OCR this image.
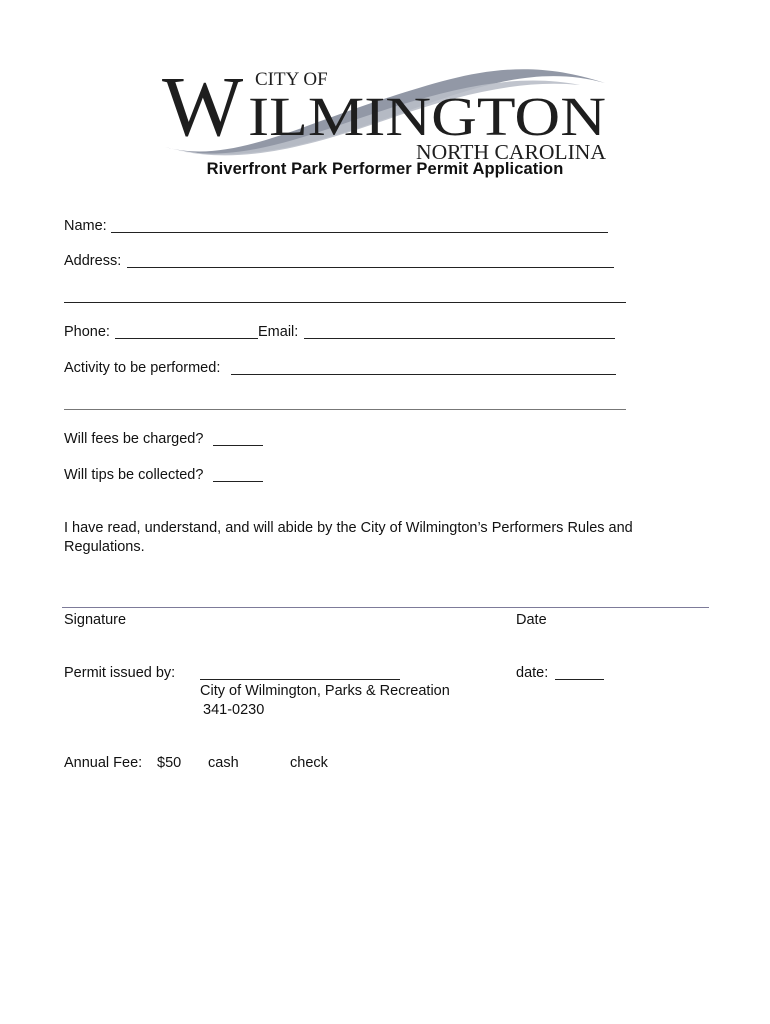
W CITY OF
ILMINGTON
NORTH CAROLINA
Riverfront Park Performer Permit Application
Name:
Address:
Phone:	Email:
Activity to be performed:
Will fees be charged?
Will tips be collected?
I have read, understand, and will abide by the City of Wilmington’s Performers Rules and Regulations.
Signature	Date
Permit issued by:
City of Wilmington, Parks & Recreation
341-0230
date:
Annual Fee: $50 cash	check
